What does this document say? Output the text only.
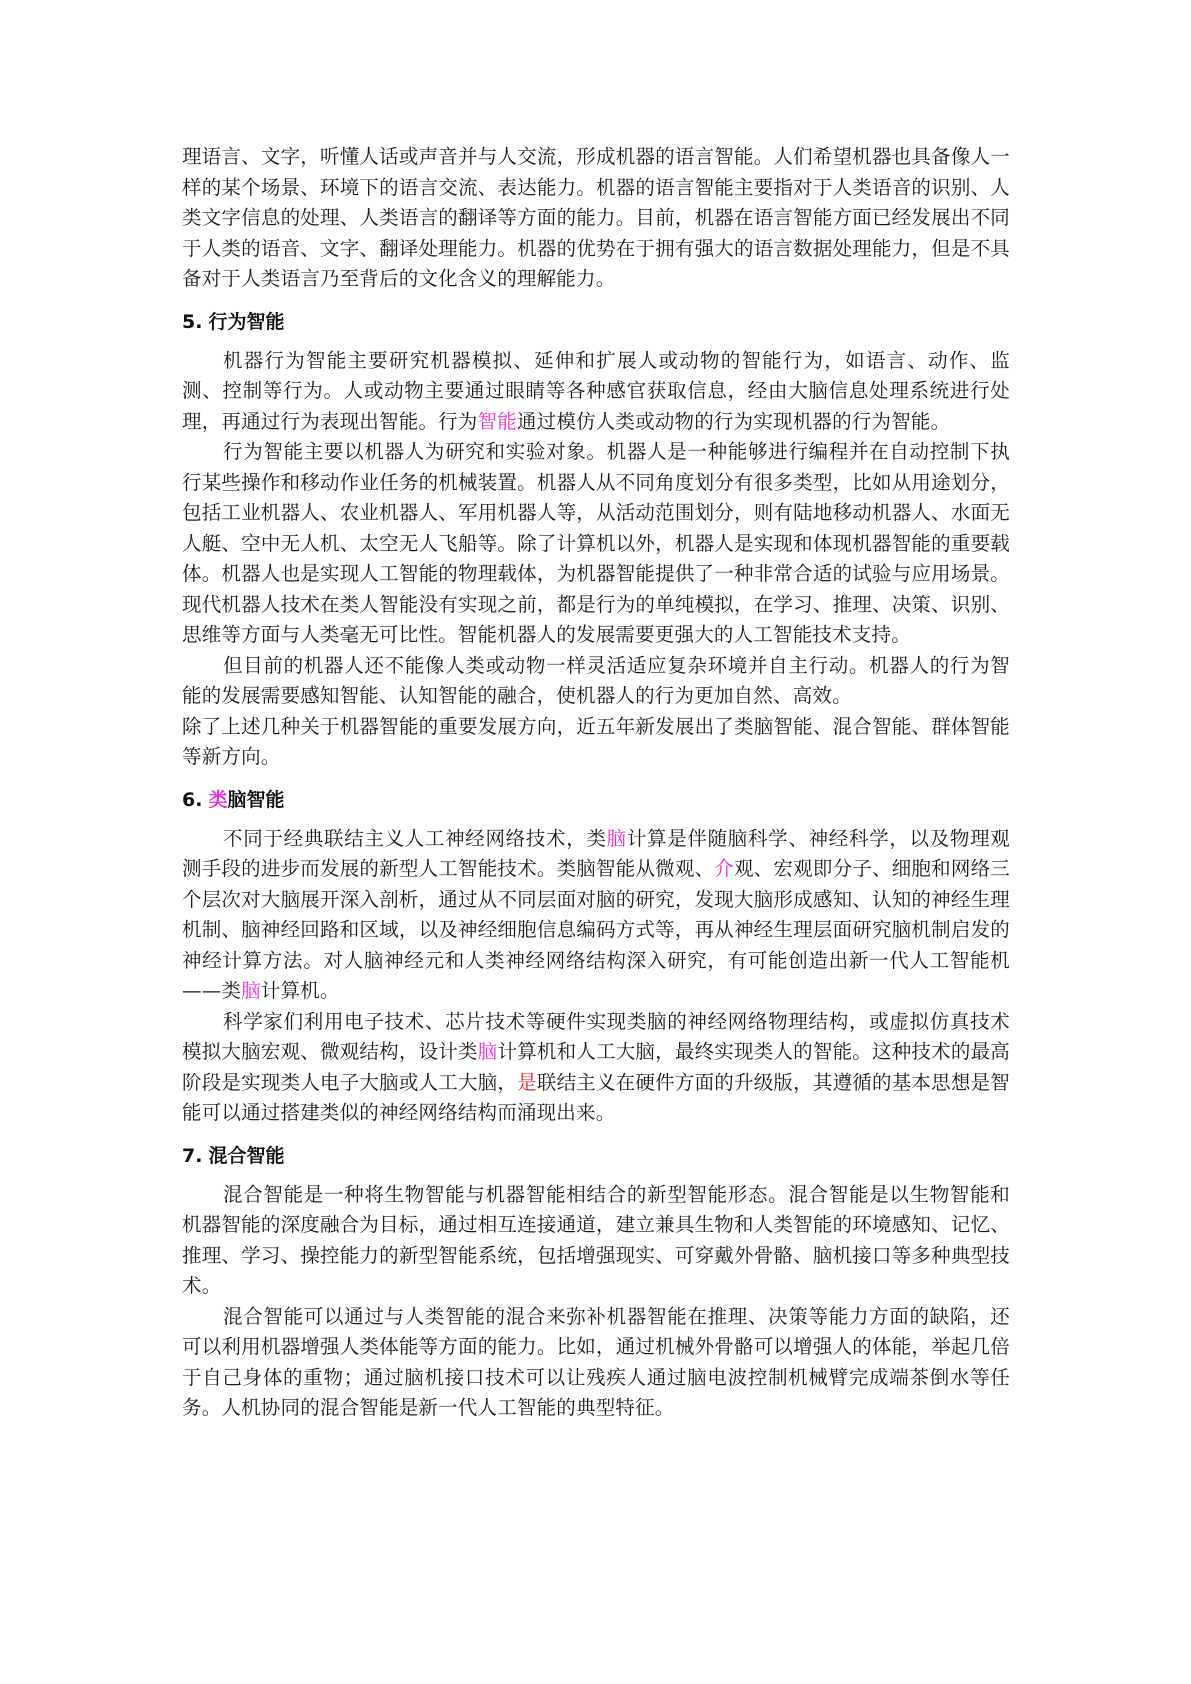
理语言、文字，听懂人话或声音并与人交流，形成机器的语言智能。人们希望机器也具备像人一样的某个场景、环境下的语言交流、表达能力。机器的语言智能主要指对于人类语音的识别、人类文字信息的处理、人类语言的翻译等方面的能力。目前，机器在语言智能方面已经发展出不同于人类的语音、文字、翻译处理能力。机器的优势在于拥有强大的语言数据处理能力，但是不具备对于人类语言乃至背后的文化含义的理解能力。

5. 行为智能

机器行为智能主要研究机器模拟、延伸和扩展人或动物的智能行为，如语言、动作、监测、控制等行为。人或动物主要通过眼睛等各种感官获取信息，经由大脑信息处理系统进行处理，再通过行为表现出智能。行为智能通过模仿人类或动物的行为实现机器的行为智能。

行为智能主要以机器人为研究和实验对象。机器人是一种能够进行编程并在自动控制下执行某些操作和移动作业任务的机械装置。机器人从不同角度划分有很多类型，比如从用途划分，包括工业机器人、农业机器人、军用机器人等，从活动范围划分，则有陆地移动机器人、水面无人艇、空中无人机、太空无人飞船等。除了计算机以外，机器人是实现和体现机器智能的重要载体。机器人也是实现人工智能的物理载体，为机器智能提供了一种非常合适的试验与应用场景。现代机器人技术在类人智能没有实现之前，都是行为的单纯模拟，在学习、推理、决策、识别、思维等方面与人类毫无可比性。智能机器人的发展需要更强大的人工智能技术支持。

但目前的机器人还不能像人类或动物一样灵活适应复杂环境并自主行动。机器人的行为智能的发展需要感知智能、认知智能的融合，使机器人的行为更加自然、高效。

除了上述几种关于机器智能的重要发展方向，近五年新发展出了类脑智能、混合智能、群体智能等新方向。

6. 类脑智能

不同于经典联结主义人工神经网络技术，类脑计算是伴随脑科学、神经科学，以及物理观测手段的进步而发展的新型人工智能技术。类脑智能从微观、介观、宏观即分子、细胞和网络三个层次对大脑展开深入剖析，通过从不同层面对脑的研究，发现大脑形成感知、认知的神经生理机制、脑神经回路和区域，以及神经细胞信息编码方式等，再从神经生理层面研究脑机制启发的神经计算方法。对人脑神经元和人类神经网络结构深入研究，有可能创造出新一代人工智能机——类脑计算机。

科学家们利用电子技术、芯片技术等硬件实现类脑的神经网络物理结构，或虚拟仿真技术模拟大脑宏观、微观结构，设计类脑计算机和人工大脑，最终实现类人的智能。这种技术的最高阶段是实现类人电子大脑或人工大脑，是联结主义在硬件方面的升级版，其遵循的基本思想是智能可以通过搭建类似的神经网络结构而涌现出来。

7. 混合智能

混合智能是一种将生物智能与机器智能相结合的新型智能形态。混合智能是以生物智能和机器智能的深度融合为目标，通过相互连接通道，建立兼具生物和人类智能的环境感知、记忆、推理、学习、操控能力的新型智能系统，包括增强现实、可穿戴外骨骼、脑机接口等多种典型技术。

混合智能可以通过与人类智能的混合来弥补机器智能在推理、决策等能力方面的缺陷，还可以利用机器增强人类体能等方面的能力。比如，通过机械外骨骼可以增强人的体能，举起几倍于自己身体的重物；通过脑机接口技术可以让残疾人通过脑电波控制机械臂完成端茶倒水等任务。人机协同的混合智能是新一代人工智能的典型特征。
